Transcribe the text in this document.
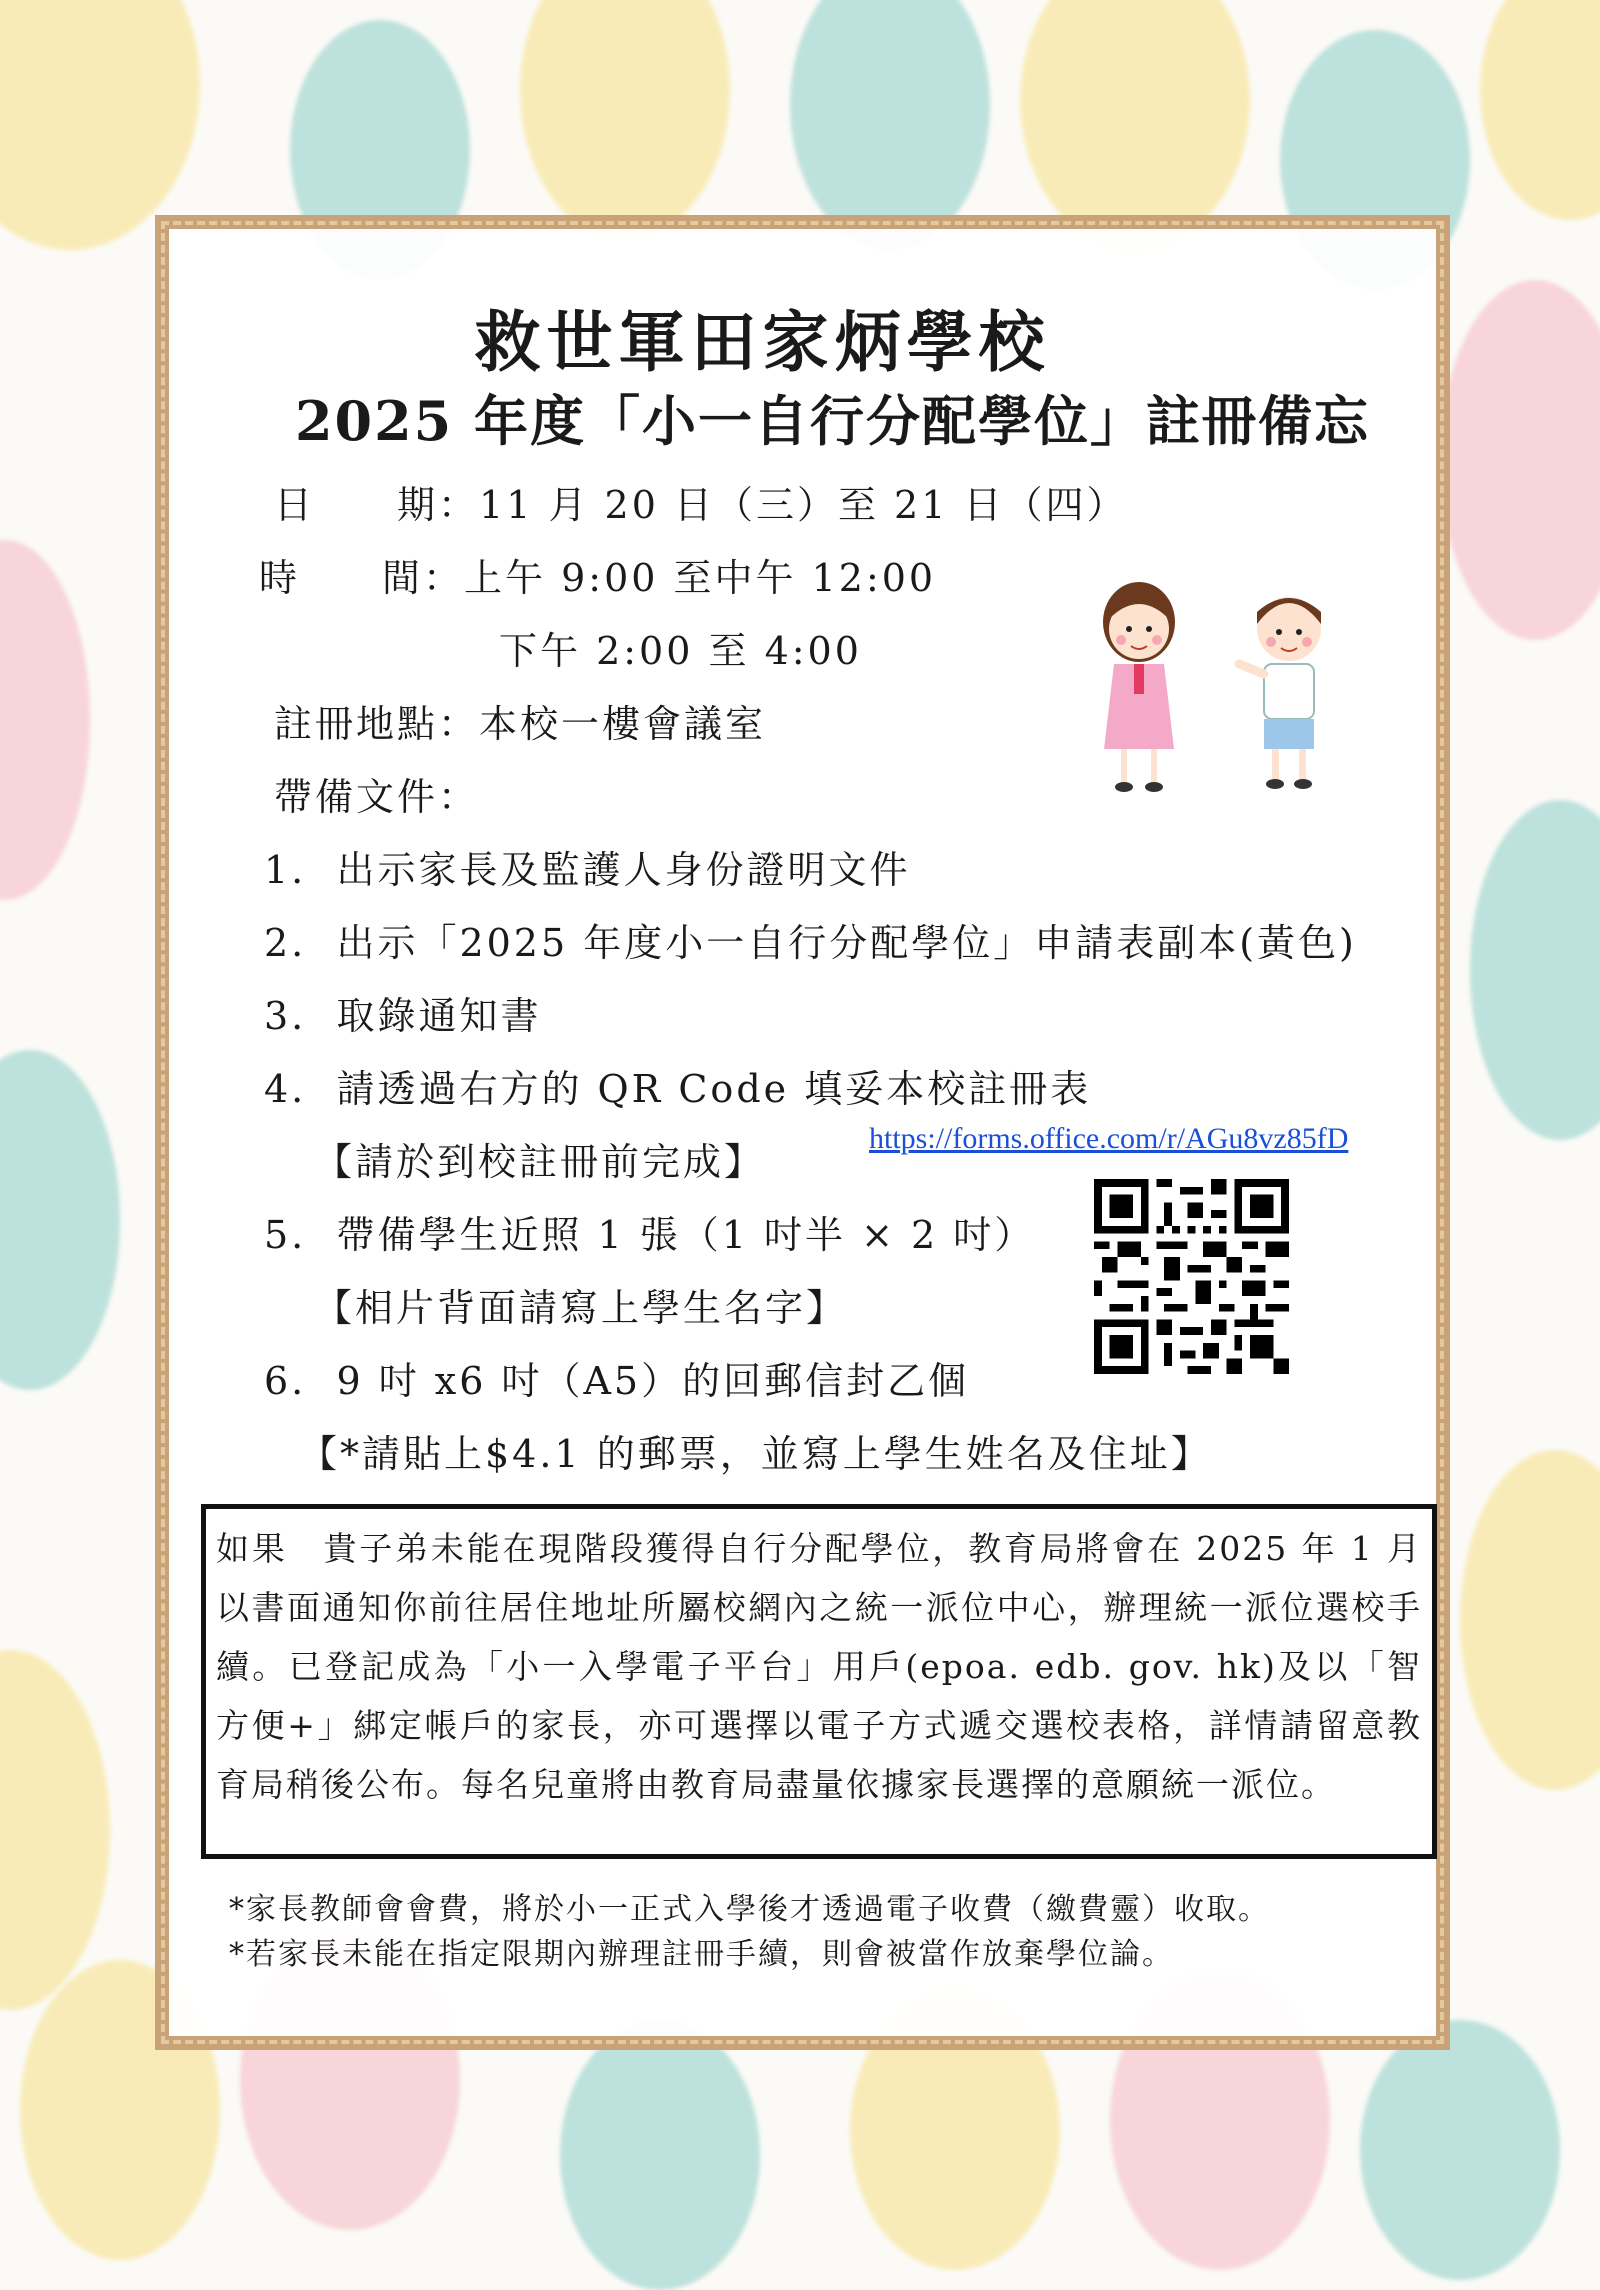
救世軍田家炳學校
2025 年度「小一自行分配學位」註冊備忘
日　　期：11 月 20 日（三）至 21 日（四）
時　　間：上午 9:00 至中午 12:00
下午 2:00 至 4:00
註冊地點：本校一樓會議室
帶備文件：
1. 出示家長及監護人身份證明文件
2. 出示「2025 年度小一自行分配學位」申請表副本(黃色)
3. 取錄通知書
4. 請透過右方的 QR Code 填妥本校註冊表
【請於到校註冊前完成】
https://forms.office.com/r/AGu8vz85fD
5. 帶備學生近照 1 張（1 吋半 × 2 吋）
【相片背面請寫上學生名字】
6. 9 吋 x6 吋（A5）的回郵信封乙個
【*請貼上$4.1 的郵票，並寫上學生姓名及住址】
如果　貴子弟未能在現階段獲得自行分配學位，教育局將會在 2025 年 1 月以書面通知你前往居住地址所屬校網內之統一派位中心，辦理統一派位選校手續。已登記成為「小一入學電子平台」用戶(epoa. edb. gov. hk)及以「智方便+」綁定帳戶的家長，亦可選擇以電子方式遞交選校表格，詳情請留意教育局稍後公布。每名兒童將由教育局盡量依據家長選擇的意願統一派位。
*家長教師會會費，將於小一正式入學後才透過電子收費（繳費靈）收取。
*若家長未能在指定限期內辦理註冊手續，則會被當作放棄學位論。
